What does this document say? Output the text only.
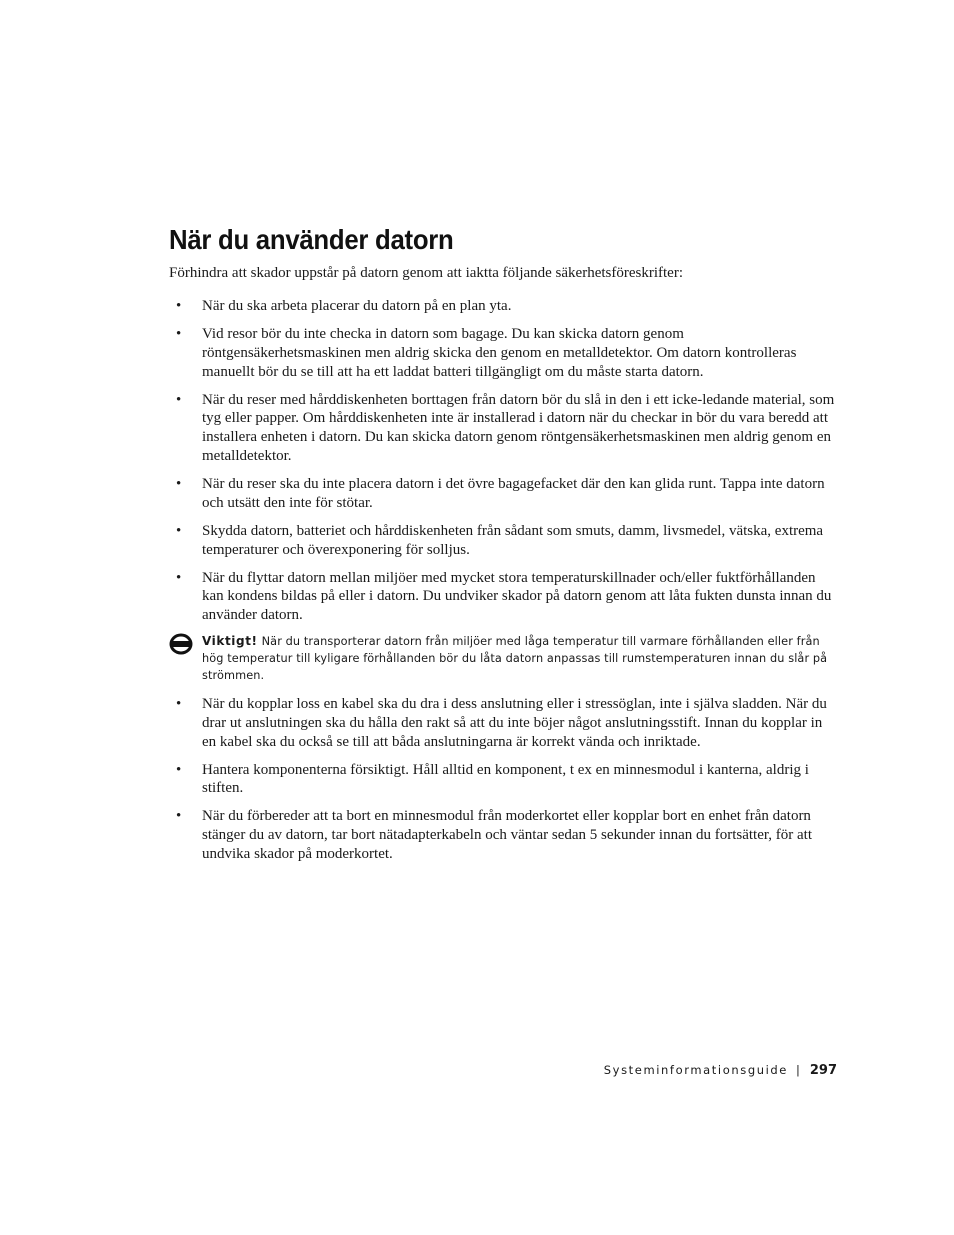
När du använder datorn

Förhindra att skador uppstår på datorn genom att iaktta följande säkerhetsföreskrifter:

• När du ska arbeta placerar du datorn på en plan yta.
• Vid resor bör du inte checka in datorn som bagage. Du kan skicka datorn genom röntgensäkerhetsmaskinen men aldrig skicka den genom en metalldetektor. Om datorn kontrolleras manuellt bör du se till att ha ett laddat batteri tillgängligt om du måste starta datorn.
• När du reser med hårddiskenheten borttagen från datorn bör du slå in den i ett icke-ledande material, som tyg eller papper. Om hårddiskenheten inte är installerad i datorn när du checkar in bör du vara beredd att installera enheten i datorn. Du kan skicka datorn genom röntgensäkerhetsmaskinen men aldrig genom en metalldetektor.
• När du reser ska du inte placera datorn i det övre bagagefacket där den kan glida runt. Tappa inte datorn och utsätt den inte för stötar.
• Skydda datorn, batteriet och hårddiskenheten från sådant som smuts, damm, livsmedel, vätska, extrema temperaturer och överexponering för solljus.
• När du flyttar datorn mellan miljöer med mycket stora temperaturskillnader och/eller fuktförhållanden kan kondens bildas på eller i datorn. Du undviker skador på datorn genom att låta fukten dunsta innan du använder datorn.

Viktigt! När du transporterar datorn från miljöer med låga temperatur till varmare förhållanden eller från hög temperatur till kyligare förhållanden bör du låta datorn anpassas till rumstemperaturen innan du slår på strömmen.

• När du kopplar loss en kabel ska du dra i dess anslutning eller i stressöglan, inte i själva sladden. När du drar ut anslutningen ska du hålla den rakt så att du inte böjer något anslutningsstift. Innan du kopplar in en kabel ska du också se till att båda anslutningarna är korrekt vända och inriktade.
• Hantera komponenterna försiktigt. Håll alltid en komponent, t ex en minnesmodul i kanterna, aldrig i stiften.
• När du förbereder att ta bort en minnesmodul från moderkortet eller kopplar bort en enhet från datorn stänger du av datorn, tar bort nätadapterkabeln och väntar sedan 5 sekunder innan du fortsätter, för att undvika skador på moderkortet.
Systeminformationsguide | 297
